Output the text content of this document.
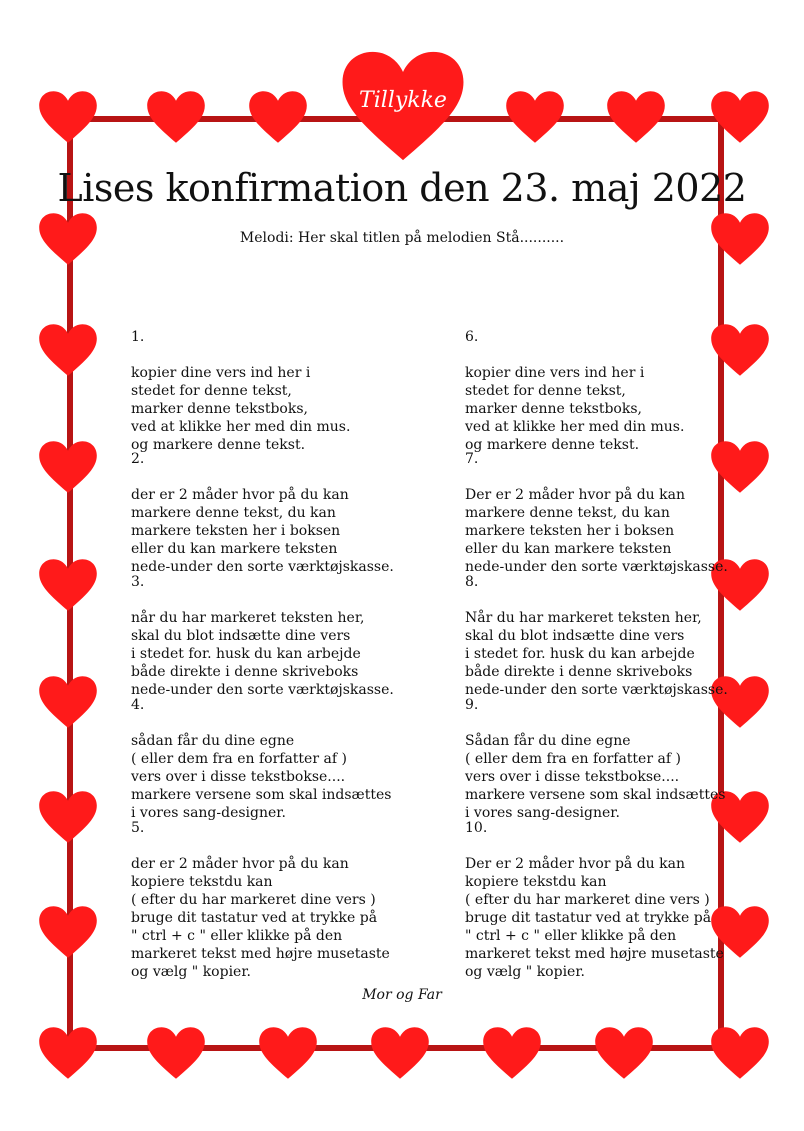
Tillykke
Lises konfirmation den 23. maj 2022
Melodi: Her skal titlen på melodien Stå..........

1.

kopier dine vers ind her i
stedet for denne tekst,
marker denne tekstboks,
ved at klikke her med din mus.
og markere denne tekst.

2.

der er 2 måder hvor på du kan
markere denne tekst, du kan
markere teksten her i boksen
eller du kan markere teksten
nede-under den sorte værktøjskasse.

3.

når du har markeret teksten her,
skal du blot indsætte dine vers
i stedet for. husk du kan arbejde
både direkte i denne skriveboks
nede-under den sorte værktøjskasse.

4.

sådan får du dine egne
( eller dem fra en forfatter af )
vers over i disse tekstbokse....
markere versene som skal indsættes
i vores sang-designer.

5.

der er 2 måder hvor på du kan
kopiere tekstdu kan
( efter du har markeret dine vers )
bruge dit tastatur ved at trykke på
" ctrl + c " eller klikke på den
markeret tekst med højre musetaste
og vælg " kopier.

6.

kopier dine vers ind her i
stedet for denne tekst,
marker denne tekstboks,
ved at klikke her med din mus.
og markere denne tekst.

7.

Der er 2 måder hvor på du kan
markere denne tekst, du kan
markere teksten her i boksen
eller du kan markere teksten
nede-under den sorte værktøjskasse.

8.

Når du har markeret teksten her,
skal du blot indsætte dine vers
i stedet for. husk du kan arbejde
både direkte i denne skriveboks
nede-under den sorte værktøjskasse.

9.

Sådan får du dine egne
( eller dem fra en forfatter af )
vers over i disse tekstbokse....
markere versene som skal indsættes
i vores sang-designer.

10.

Der er 2 måder hvor på du kan
kopiere tekstdu kan
( efter du har markeret dine vers )
bruge dit tastatur ved at trykke på
" ctrl + c " eller klikke på den
markeret tekst med højre musetaste
og vælg " kopier.

Mor og Far
